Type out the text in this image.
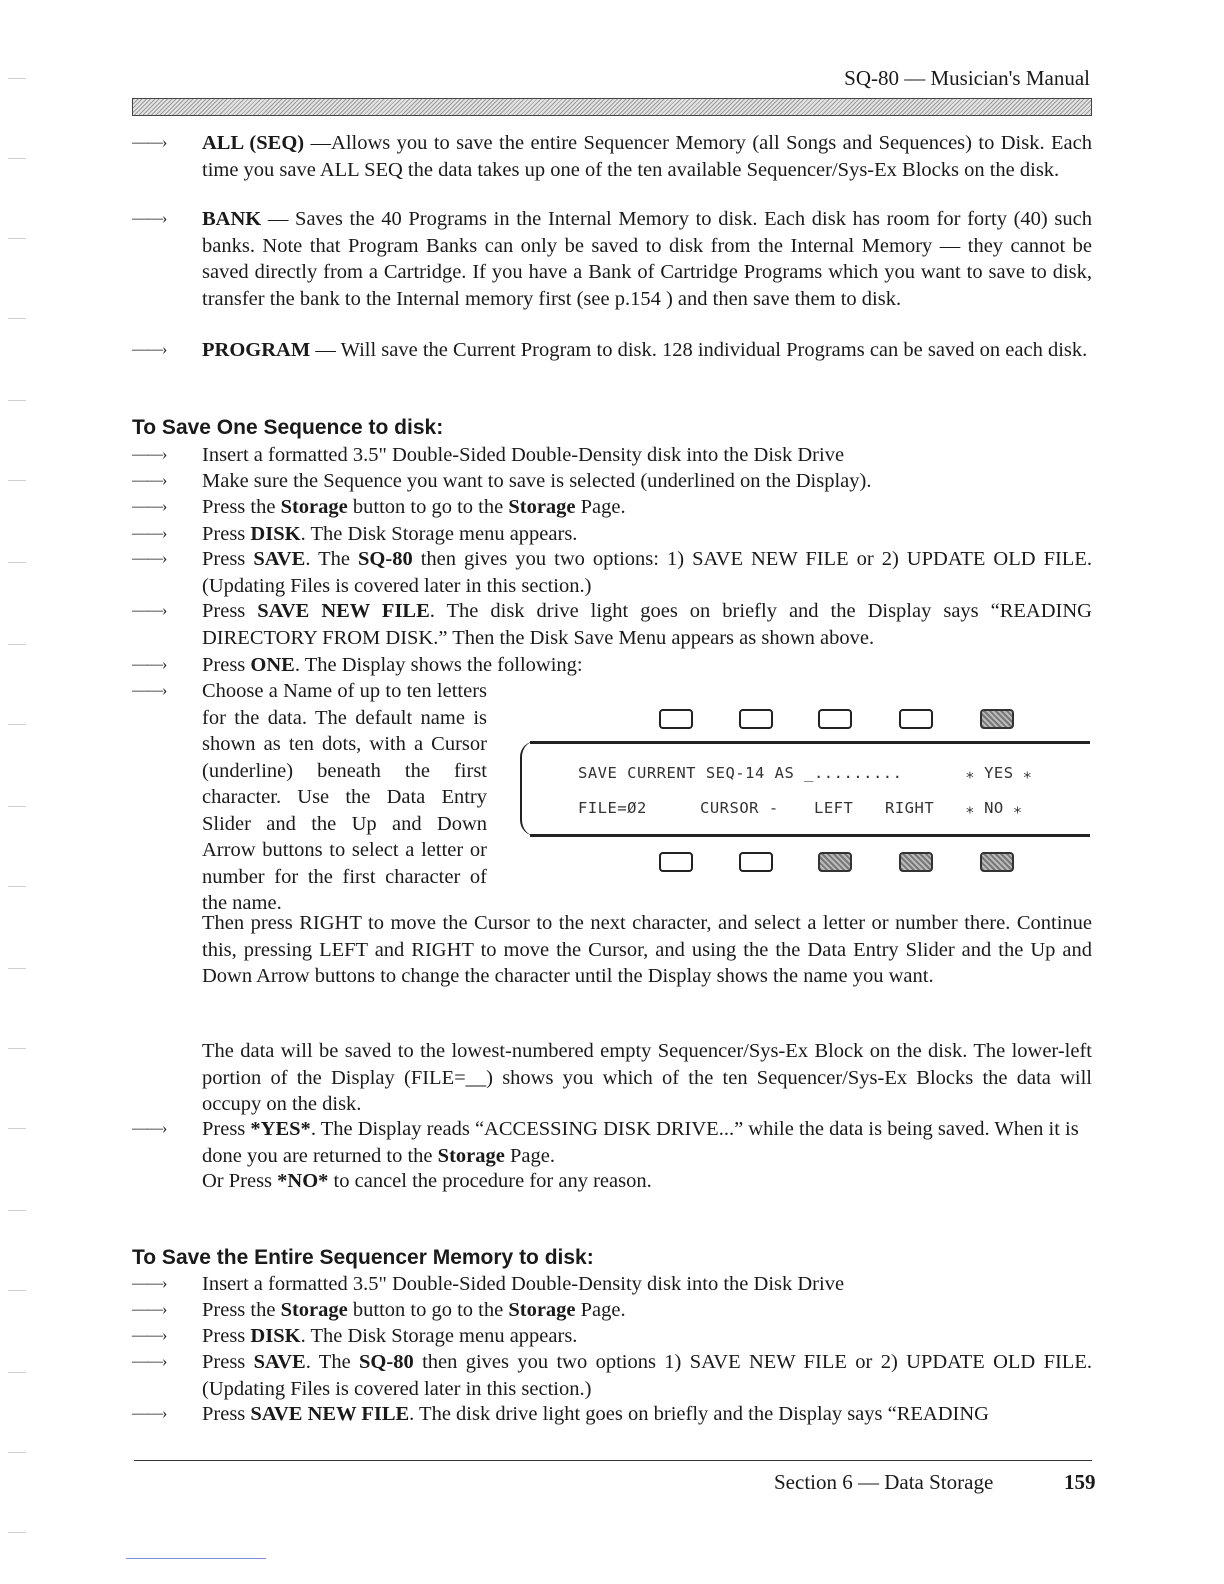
SQ-80 — Musician's Manual
——› ALL (SEQ) —Allows you to save the entire Sequencer Memory (all Songs and Sequences) to Disk. Each time you save ALL SEQ the data takes up one of the ten available Sequencer/Sys-Ex Blocks on the disk.
——› BANK — Saves the 40 Programs in the Internal Memory to disk. Each disk has room for forty (40) such banks. Note that Program Banks can only be saved to disk from the Internal Memory — they cannot be saved directly from a Cartridge. If you have a Bank of Cartridge Programs which you want to save to disk, transfer the bank to the Internal memory first (see p.154 ) and then save them to disk.
——› PROGRAM — Will save the Current Program to disk. 128 individual Programs can be saved on each disk.
To Save One Sequence to disk:
——› Insert a formatted 3.5" Double-Sided Double-Density disk into the Disk Drive
——› Make sure the Sequence you want to save is selected (underlined on the Display).
——› Press the Storage button to go to the Storage Page.
——› Press DISK. The Disk Storage menu appears.
——› Press SAVE. The SQ-80 then gives you two options: 1) SAVE NEW FILE or 2) UPDATE OLD FILE. (Updating Files is covered later in this section.)
——› Press SAVE NEW FILE. The disk drive light goes on briefly and the Display says “READING DIRECTORY FROM DISK.” Then the Disk Save Menu appears as shown above.
——› Press ONE. The Display shows the following:
——› Choose a Name of up to ten letters for the data. The default name is shown as ten dots, with a Cursor (underline) beneath the first character. Use the Data Entry Slider and the Up and Down Arrow buttons to select a letter or number for the first character of the name.
Then press RIGHT to move the Cursor to the next character, and select a letter or number there. Continue this, pressing LEFT and RIGHT to move the Cursor, and using the the Data Entry Slider and the Up and Down Arrow buttons to change the character until the Display shows the name you want.
SAVE CURRENT SEQ-14 AS _.........	⁎ YES ⁎
FILE=Ø2	CURSOR - LEFT RIGHT ⁎ NO ⁎
The data will be saved to the lowest-numbered empty Sequencer/Sys-Ex Block on the disk. The lower-left portion of the Display (FILE=__) shows you which of the ten Sequencer/Sys-Ex Blocks the data will occupy on the disk.
——› Press *YES*. The Display reads “ACCESSING DISK DRIVE...” while the data is being saved. When it is done you are returned to the Storage Page.
Or Press *NO* to cancel the procedure for any reason.
To Save the Entire Sequencer Memory to disk:
——› Insert a formatted 3.5" Double-Sided Double-Density disk into the Disk Drive
——› Press the Storage button to go to the Storage Page.
——› Press DISK. The Disk Storage menu appears.
——› Press SAVE. The SQ-80 then gives you two options 1) SAVE NEW FILE or 2) UPDATE OLD FILE. (Updating Files is covered later in this section.)
——› Press SAVE NEW FILE. The disk drive light goes on briefly and the Display says “READING
Section 6 — Data Storage	159
